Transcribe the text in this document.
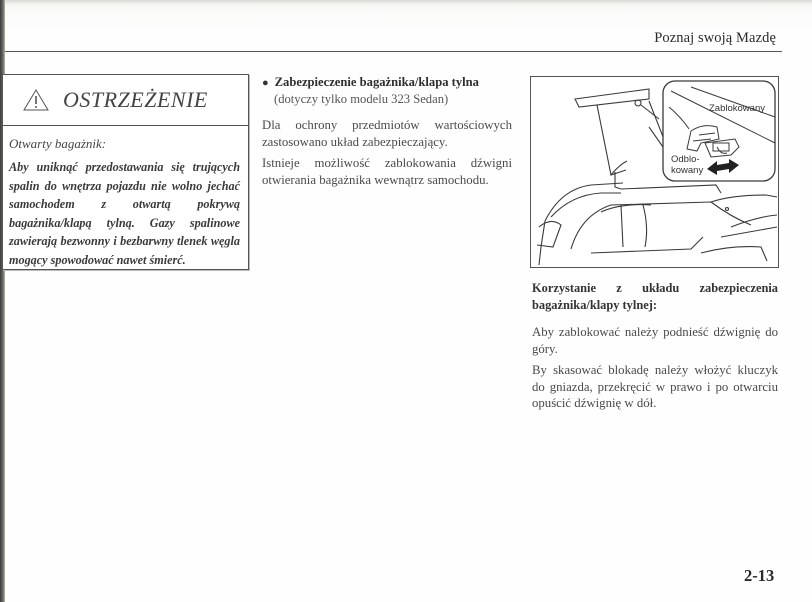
Poznaj swoją Mazdę
OSTRZEŻENIE
Otwarty bagażnik:
Aby uniknąć przedostawania się trujących spalin do wnętrza pojazdu nie wolno jechać samochodem z otwartą pokrywą bagażnika/klapą tylną. Gazy spalinowe zawierają bezwonny i bezbarwny tlenek węgla mogący spowodować nawet śmierć.
● Zabezpieczenie bagażnika/klapa tylna
(dotyczy tylko modelu 323 Sedan)
Dla ochrony przedmiotów wartościowych zastosowano układ zabezpieczający.
Istnieje możliwość zablokowania dźwigni otwierania bagażnika wewnątrz samochodu.
Zablokowany
Odblo-
kowany
Korzystanie z układu zabezpieczenia bagażnika/klapy tylnej:
Aby zablokować należy podnieść dźwignię do góry.
By skasować blokadę należy włożyć kluczyk do gniazda, przekręcić w prawo i po otwarciu opuścić dźwignię w dół.
2-13
